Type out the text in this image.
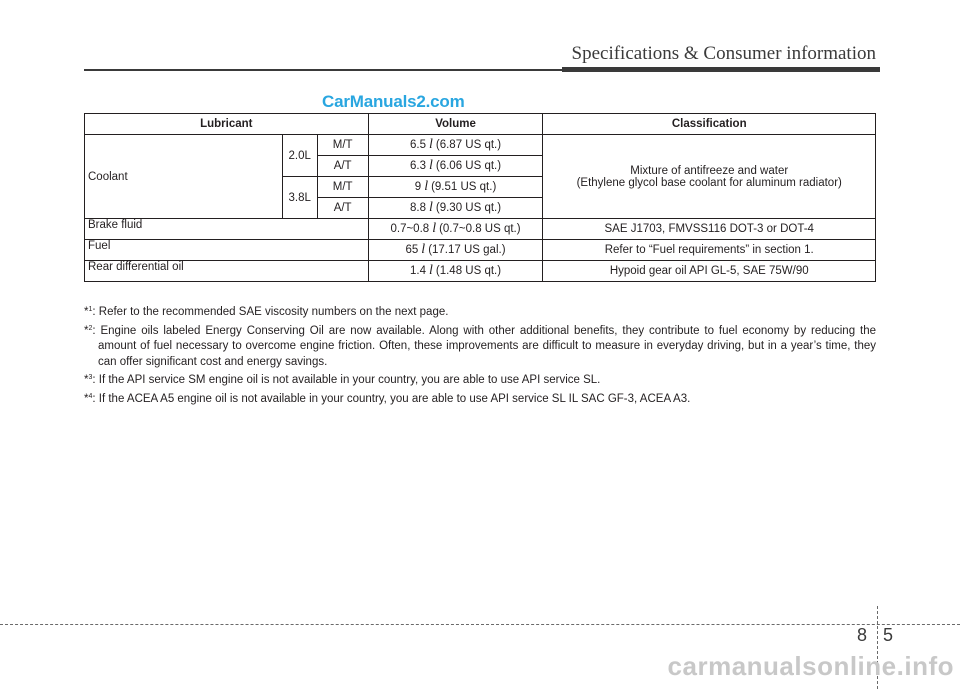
Specifications & Consumer information
CarManuals2.com
Lubricant			Volume	Classification
Coolant	2.0L	M/T	6.5 l (6.87 US qt.)	Mixture of antifreeze and water
(Ethylene glycol base coolant for aluminum radiator)
		A/T	6.3 l (6.06 US qt.)	
	3.8L	M/T	9 l (9.51 US qt.)	
		A/T	8.8 l (9.30 US qt.)	
Brake fluid			0.7~0.8 l (0.7~0.8 US qt.)	SAE J1703, FMVSS116 DOT-3 or DOT-4
Fuel			65 l (17.17 US gal.)	Refer to “Fuel requirements” in section 1.
Rear differential oil			1.4 l (1.48 US qt.)	Hypoid gear oil API GL-5, SAE 75W/90
*$^1$: Refer to the recommended SAE viscosity numbers on the next page.
*$^2$: Engine oils labeled Energy Conserving Oil are now available. Along with other additional benefits, they contribute to fuel economy by reducing the amount of fuel necessary to overcome engine friction. Often, these improvements are difficult to measure in everyday driving, but in a year’s time, they can offer significant cost and energy savings.
*$^3$: If the API service SM engine oil is not available in your country, you are able to use API service SL.
*$^4$: If the ACEA A5 engine oil is not available in your country, you are able to use API service SL IL SAC GF-3, ACEA A3.
8 5
carmanualsonline.info
